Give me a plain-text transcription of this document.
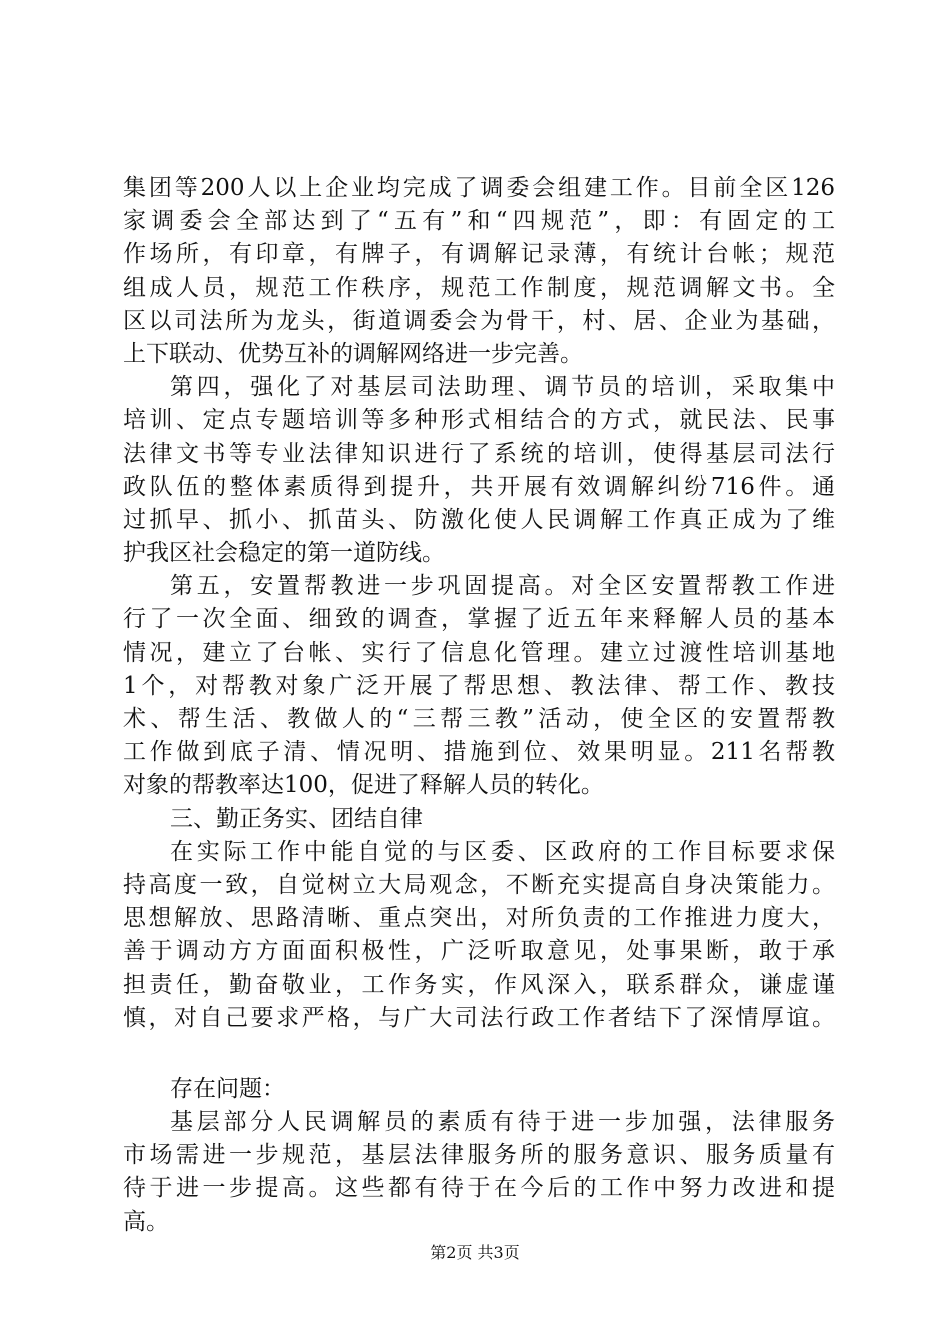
集团等200人以上企业均完成了调委会组建工作。目前全区126
家调委会全部达到了“五有”和“四规范”，即：有固定的工
作场所，有印章，有牌子，有调解记录薄，有统计台帐；规范
组成人员，规范工作秩序，规范工作制度，规范调解文书。全
区以司法所为龙头，街道调委会为骨干，村、居、企业为基础，
上下联动、优势互补的调解网络进一步完善。
第四，强化了对基层司法助理、调节员的培训，采取集中
培训、定点专题培训等多种形式相结合的方式，就民法、民事
法律文书等专业法律知识进行了系统的培训，使得基层司法行
政队伍的整体素质得到提升，共开展有效调解纠纷716件。通
过抓早、抓小、抓苗头、防激化使人民调解工作真正成为了维
护我区社会稳定的第一道防线。
第五，安置帮教进一步巩固提高。对全区安置帮教工作进
行了一次全面、细致的调查，掌握了近五年来释解人员的基本
情况，建立了台帐、实行了信息化管理。建立过渡性培训基地
1个，对帮教对象广泛开展了帮思想、教法律、帮工作、教技
术、帮生活、教做人的“三帮三教”活动，使全区的安置帮教
工作做到底子清、情况明、措施到位、效果明显。211名帮教
对象的帮教率达100，促进了释解人员的转化。
三、勤正务实、团结自律
在实际工作中能自觉的与区委、区政府的工作目标要求保
持高度一致，自觉树立大局观念，不断充实提高自身决策能力。
思想解放、思路清晰、重点突出，对所负责的工作推进力度大，
善于调动方方面面积极性，广泛听取意见，处事果断，敢于承
担责任，勤奋敬业，工作务实，作风深入，联系群众，谦虚谨
慎，对自己要求严格，与广大司法行政工作者结下了深情厚谊。
存在问题：
基层部分人民调解员的素质有待于进一步加强，法律服务
市场需进一步规范，基层法律服务所的服务意识、服务质量有
待于进一步提高。这些都有待于在今后的工作中努力改进和提
高。
第2页 共3页
